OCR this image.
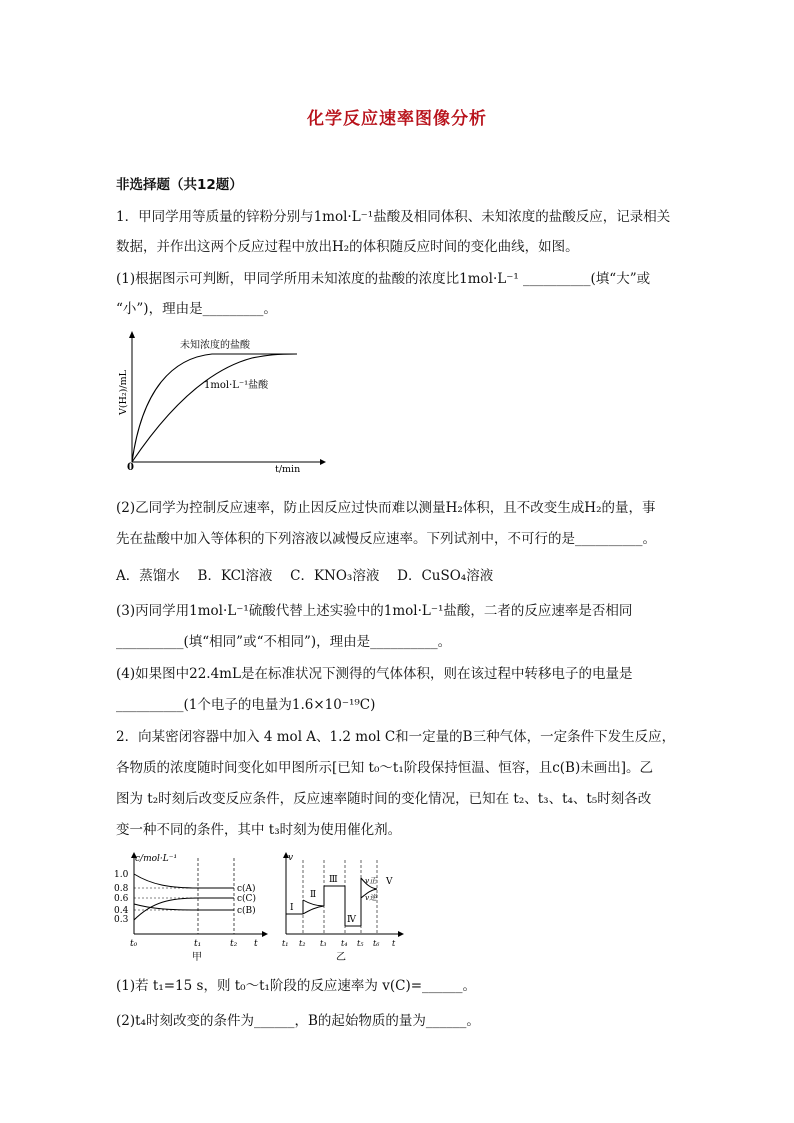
化学反应速率图像分析
非选择题（共12题）
1．甲同学用等质量的锌粉分别与1mol·L⁻¹盐酸及相同体积、未知浓度的盐酸反应，记录相关
数据，并作出这两个反应过程中放出H₂的体积随反应时间的变化曲线，如图。
(1)根据图示可判断，甲同学所用未知浓度的盐酸的浓度比1mol·L⁻¹ __________(填“大”或
“小”)，理由是_________。
0	t/min
V(H₂)/mL
未知浓度的盐酸
1mol·L⁻¹盐酸
(2)乙同学为控制反应速率，防止因反应过快而难以测量H₂体积，且不改变生成H₂的量，事
先在盐酸中加入等体积的下列溶液以减慢反应速率。下列试剂中，不可行的是__________。
A．蒸馏水　 B．KCl溶液　 C．KNO₃溶液　 D．CuSO₄溶液
(3)丙同学用1mol·L⁻¹硫酸代替上述实验中的1mol·L⁻¹盐酸，二者的反应速率是否相同
__________(填“相同”或“不相同”)，理由是__________。
(4)如果图中22.4mL是在标准状况下测得的气体体积，则在该过程中转移电子的电量是
__________(1个电子的电量为1.6×10⁻¹⁹C)
2．向某密闭容器中加入 4 mol A、1.2 mol C和一定量的B三种气体，一定条件下发生反应，
各物质的浓度随时间变化如甲图所示[已知 t₀～t₁阶段保持恒温、恒容，且c(B)未画出]。乙
图为 t₂时刻后改变反应条件，反应速率随时间的变化情况，已知在 t₂、t₃、t₄、t₅时刻各改
变一种不同的条件，其中 t₃时刻为使用催化剂。
c/mol·L⁻¹
1.0
0.8
0.6
0.4
0.3
c(A)
c(C)
c(B)
t₀	t₁	t₂ t
甲
v
Ⅰ
Ⅱ
Ⅲ
Ⅳ
Ⅴ
v正
v逆
t₁ t₂ t₃ t₄ t₅ t₆ t
乙
(1)若 t₁=15 s，则 t₀～t₁阶段的反应速率为 v(C)=______。
(2)t₄时刻改变的条件为______，B的起始物质的量为______。
